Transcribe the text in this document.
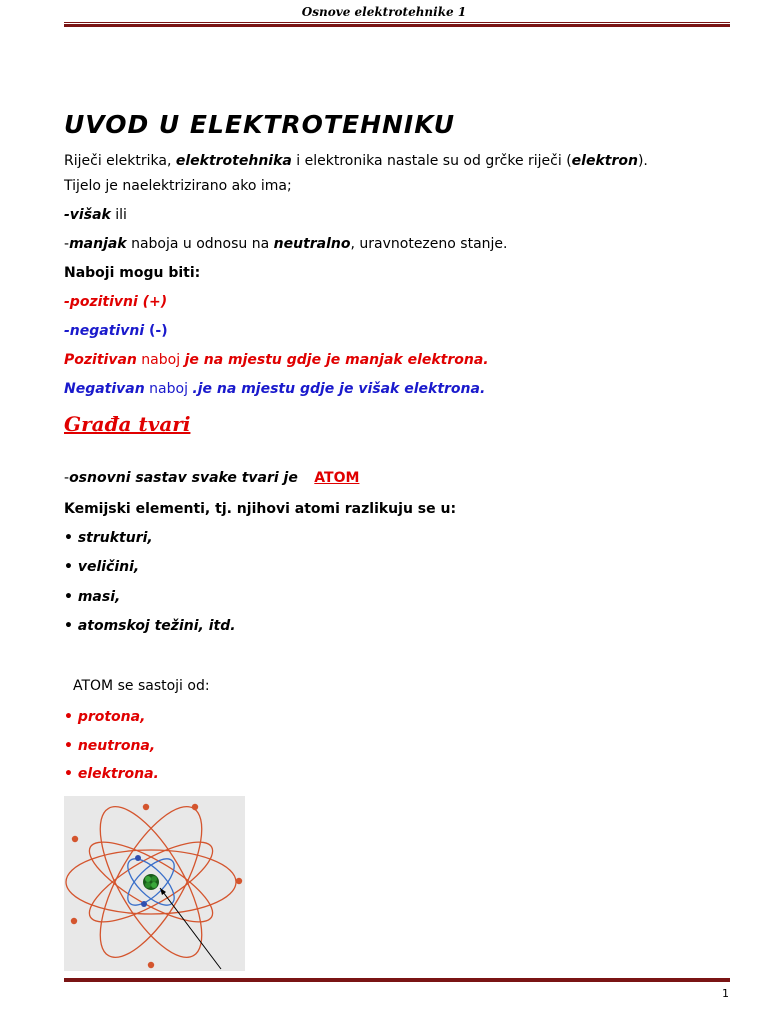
Osnove elektrotehnike 1
UVOD U ELEKTROTEHNIKU
Riječi elektrika, elektrotehnika i elektronika nastale su od grčke riječi (elektron).
Tijelo je naelektrizirano ako ima;
-višak ili
-manjak naboja u odnosu na neutralno, uravnotezeno stanje.
Naboji mogu biti:
-pozitivni (+)
-negativni (-)
Pozitivan naboj je na mjestu gdje je manjak elektrona.
Negativan naboj .je na mjestu gdje je višak elektrona.
Građa tvari
-osnovni sastav svake tvari je ATOM
Kemijski elementi, tj. njihovi atomi razlikuju se u:
• strukturi,
• veličini,
• masi,
• atomskoj težini, itd.
ATOM se sastoji od:
• protona,
• neutrona,
• elektrona.
1
